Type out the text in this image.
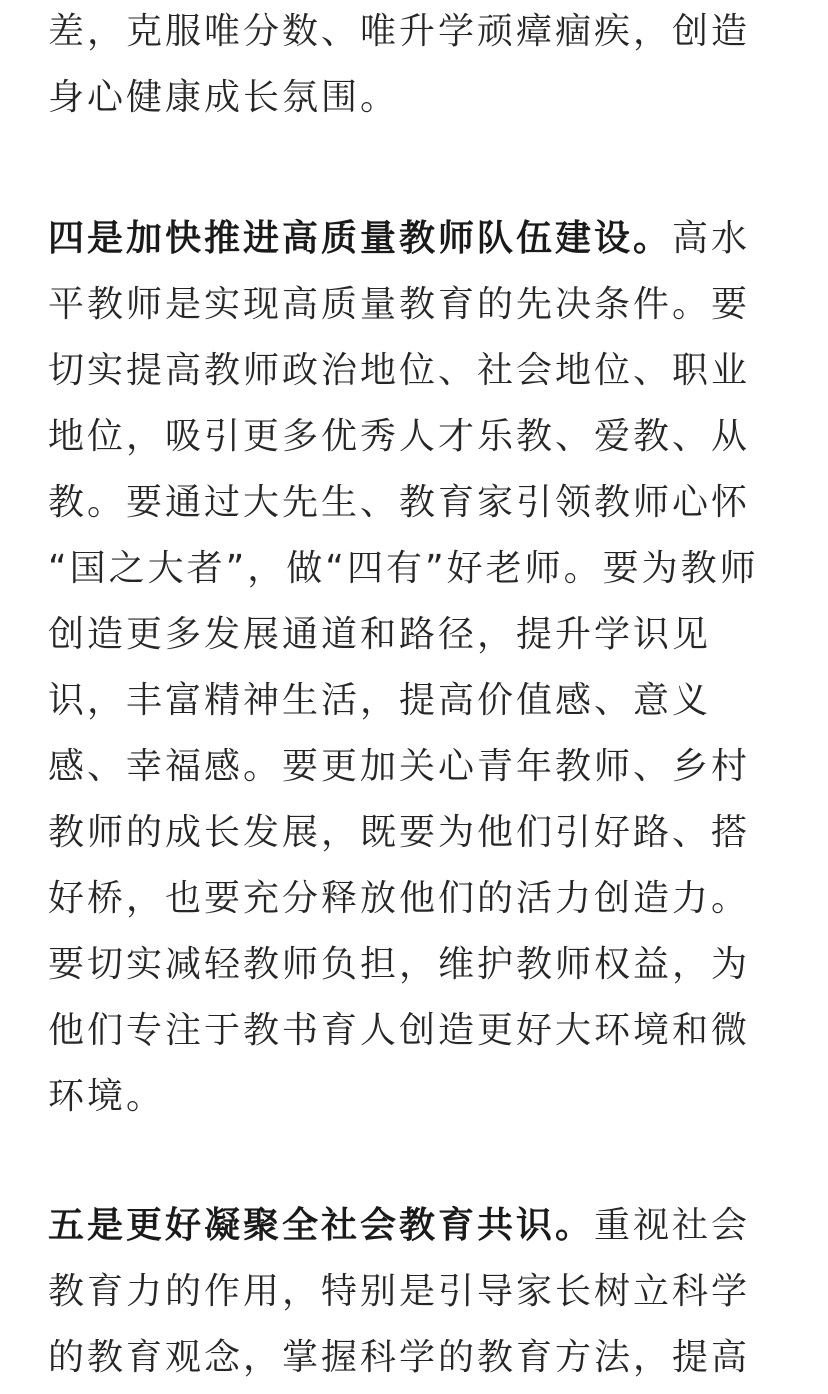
差，克服唯分数、唯升学顽瘴痼疾，创造
身心健康成长氛围。
四是加快推进高质量教师队伍建设。高水
平教师是实现高质量教育的先决条件。要
切实提高教师政治地位、社会地位、职业
地位，吸引更多优秀人才乐教、爱教、从
教。要通过大先生、教育家引领教师心怀
“国之大者”，做“四有”好老师。要为教师
创造更多发展通道和路径，提升学识见
识，丰富精神生活，提高价值感、意义
感、幸福感。要更加关心青年教师、乡村
教师的成长发展，既要为他们引好路、搭
好桥，也要充分释放他们的活力创造力。
要切实减轻教师负担，维护教师权益，为
他们专注于教书育人创造更好大环境和微
环境。
五是更好凝聚全社会教育共识。重视社会
教育力的作用，特别是引导家长树立科学
的教育观念，掌握科学的教育方法，提高
